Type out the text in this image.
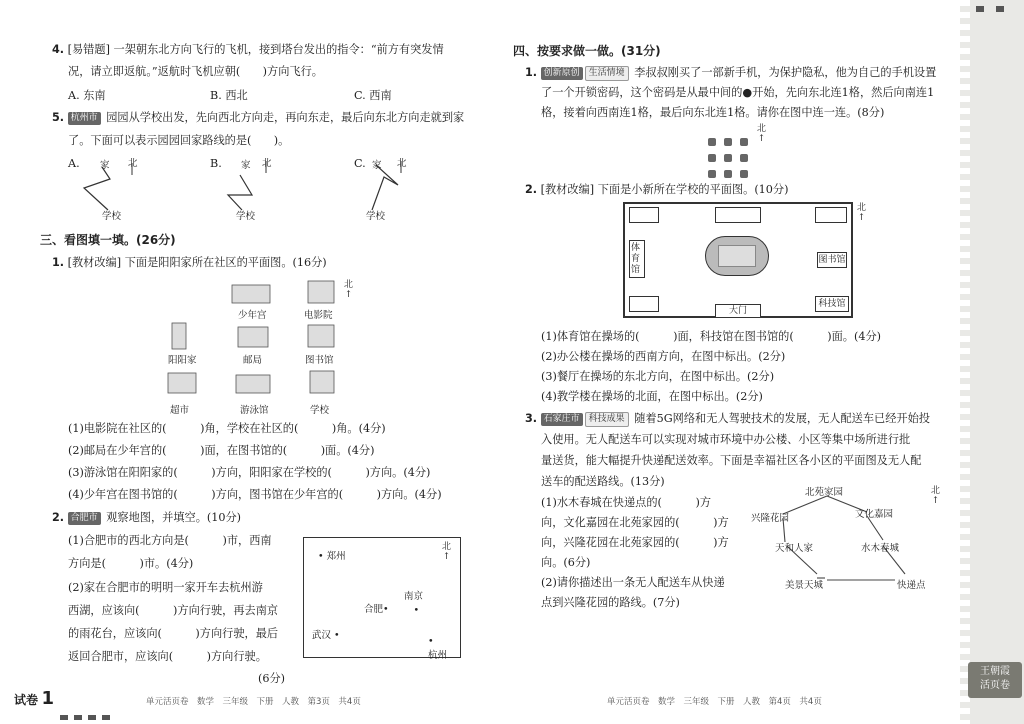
4. [易错题] 一架朝东北方向飞行的飞机，接到塔台发出的指令：“前方有突发情
况，请立即返航。”返航时飞机应朝(　　)方向飞行。
A. 东南	B. 西北	C. 西南
5. 杭州市 园园从学校出发，先向西北方向走，再向东走，最后向东北方向走就到家
了。下面可以表示园园回家路线的是(　　)。
A.	B.	C.
家 北
学校
家 北
学校
家 北
学校
三、看图填一填。(26分)
1. [教材改编] 下面是阳阳家所在社区的平面图。(16分)
少年宫	电影院
阳阳家	邮局	图书馆
超市	游泳馆	学校
北
↑
(1)电影院在社区的(　　　)角，学校在社区的(　　　)角。(4分)
(2)邮局在少年宫的(　　　)面，在图书馆的(　　　)面。(4分)
(3)游泳馆在阳阳家的(　　　)方向，阳阳家在学校的(　　　)方向。(4分)
(4)少年宫在图书馆的(　　　)方向，图书馆在少年宫的(　　　)方向。(4分)
2. 合肥市 观察地图，并填空。(10分)
(1)合肥市的西北方向是(　　　)市，西南
方向是(　　　)市。(4分)
(2)家在合肥市的明明一家开车去杭州游
西湖，应该向(　　　)方向行驶，再去南京
的雨花台，应该向(　　　)方向行驶，最后
返回合肥市，应该向(　　　)方向行驶。
(6分)
• 郑州
合肥•
南京
　•
武汉 •
•
杭州
北
↑
试卷 1	单元活页卷　数学　三年级　下册　人教　第3页　共4页
四、按要求做一做。(31分)
1. 创新原创 生活情境 李叔叔刚买了一部新手机，为保护隐私，他为自己的手机设置
了一个开锁密码，这个密码是从最中间的●开始，先向东北连1格，然后向南连1
格，接着向西南连1格，最后向东北连1格。请你在图中连一连。(8分)
北
↑
2. [教材改编] 下面是小新所在学校的平面图。(10分)
体育馆
图书馆
科技馆
大门
北
↑
(1)体育馆在操场的(　　　)面，科技馆在图书馆的(　　　)面。(4分)
(2)办公楼在操场的西南方向，在图中标出。(2分)
(3)餐厅在操场的东北方向，在图中标出。(2分)
(4)教学楼在操场的北面，在图中标出。(2分)
3. 石家庄市 科技成果 随着5G网络和无人驾驶技术的发展，无人配送车已经开始投
入使用。无人配送车可以实现对城市环境中办公楼、小区等集中场所进行批
量送货，能大幅提升快递配送效率。下面是幸福社区各小区的平面图及无人配
送车的配送路线。(13分)
(1)水木春城在快递点的(　　　)方
向，文化嘉园在北苑家园的(　　　)方
向，兴隆花园在北苑家园的(　　　)方
向。(6分)
(2)请你描述出一条无人配送车从快递
点到兴隆花园的路线。(7分)
北苑家园
文化嘉园
兴隆花园
天和人家	水木春城
美景天城	快递点
北
↑
单元活页卷　数学　三年级　下册　人教　第4页　共4页
王朝霞
活页卷
